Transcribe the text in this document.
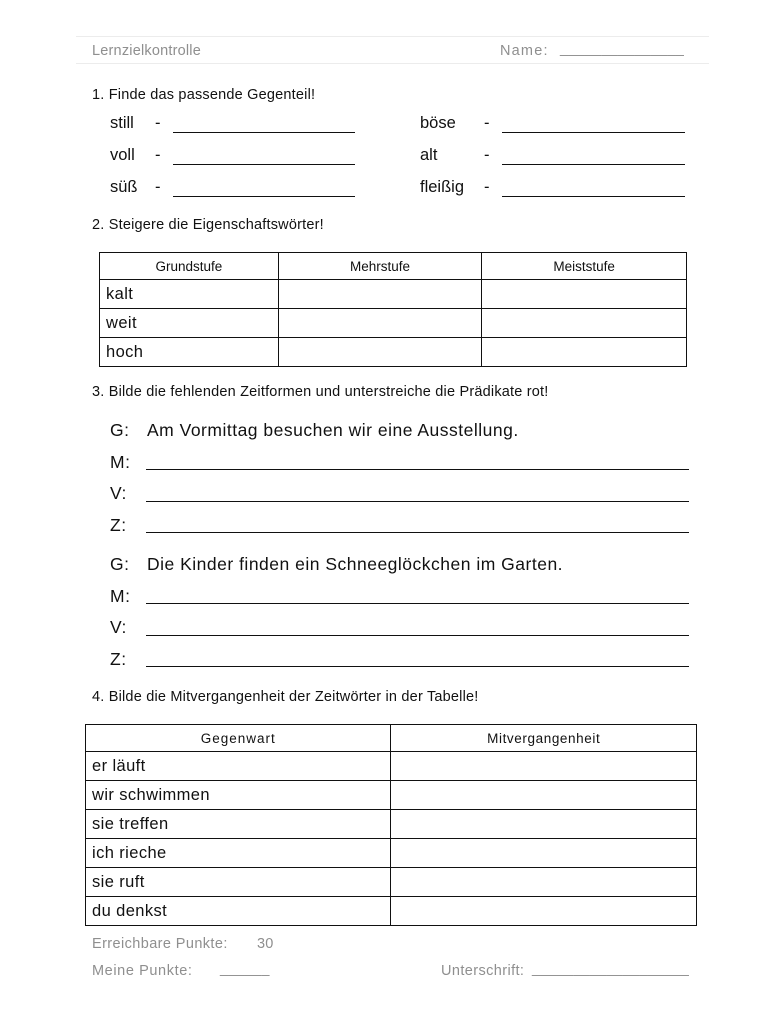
Lernzielkontrolle	Name: _______________
1. Finde das passende Gegenteil!
still -
voll -
süß -
böse -
alt	-
fleißig -
2. Steigere die Eigenschaftswörter!
Grundstufe	Mehrstufe	Meiststufe
kalt		
weit		
hoch		
3. Bilde die fehlenden Zeitformen und unterstreiche die Prädikate rot!
G: Am Vormittag besuchen wir eine Ausstellung.
M:
V:
Z:
G: Die Kinder finden ein Schneeglöckchen im Garten.
M:
V:
Z:
4. Bilde die Mitvergangenheit der Zeitwörter in der Tabelle!
Gegenwart	Mitvergangenheit
er läuft	
wir schwimmen	
sie treffen	
ich rieche	
sie ruft	
du denkst	
Erreichbare Punkte: 30
Meine Punkte: ______	Unterschrift: ___________________
